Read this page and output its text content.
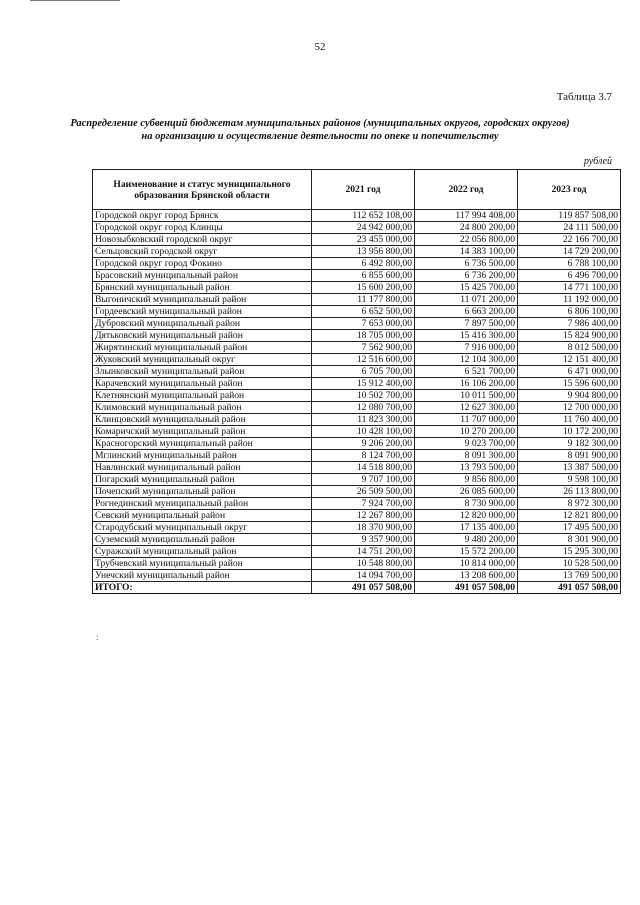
52
Таблица 3.7
Распределение субвенций бюджетам муниципальных районов (муниципальных округов, городских округов) на организацию и осуществление деятельности по опеке и попечительству
рублей
Наименование и статус муниципального образования Брянской области	2021 год	2022 год	2023 год
Городской округ город Брянск	112 652 108,00	117 994 408,00	119 857 508,00
Городской округ город Клинцы	24 942 000,00	24 800 200,00	24 111 500,00
Новозыбковский городской округ	23 455 000,00	22 056 800,00	22 166 700,00
Сельцовский городской округ	13 956 800,00	14 383 100,00	14 729 200,00
Городской округ город Фокино	6 492 800,00	6 736 500,00	6 788 100,00
Брасовский муниципальный район	6 855 600,00	6 736 200,00	6 496 700,00
Брянский муниципальный район	15 600 200,00	15 425 700,00	14 771 100,00
Выгоничский муниципальный район	11 177 800,00	11 071 200,00	11 192 000,00
Гордеевский муниципальный район	6 652 500,00	6 663 200,00	6 806 100,00
Дубровский муниципальный район	7 653 000,00	7 897 500,00	7 986 400,00
Дятьковский муниципальный район	18 705 000,00	15 416 300,00	15 824 900,00
Жирятинский муниципальный район	7 562 900,00	7 916 000,00	8 012 500,00
Жуковский муниципальный округ	12 516 600,00	12 104 300,00	12 151 400,00
Злынковский муниципальный район	6 705 700,00	6 521 700,00	6 471 000,00
Карачевский муниципальный район	15 912 400,00	16 106 200,00	15 596 600,00
Клетнянский муниципальный район	10 502 700,00	10 011 500,00	9 904 800,00
Климовский муниципальный район	12 080 700,00	12 627 300,00	12 700 000,00
Клинцовский муниципальный район	11 823 300,00	11 707 000,00	11 760 400,00
Комаричский муниципальный район	10 428 100,00	10 270 200,00	10 172 200,00
Красногорский муниципальный район	9 206 200,00	9 023 700,00	9 182 300,00
Мглинский муниципальный район	8 124 700,00	8 091 300,00	8 091 900,00
Навлинский муниципальный район	14 518 800,00	13 793 500,00	13 387 500,00
Погарский муниципальный район	9 707 100,00	9 856 800,00	9 598 100,00
Почепский муниципальный район	26 509 500,00	26 085 600,00	26 113 800,00
Рогнединский муниципальный район	7 924 700,00	8 730 900,00	8 972 300,00
Севский муниципальный район	12 267 800,00	12 820 000,00	12 821 800,00
Стародубский муниципальный округ	18 370 900,00	17 135 400,00	17 495 500,00
Суземский муниципальный район	9 357 900,00	9 480 200,00	8 301 900,00
Суражский муниципальный район	14 751 200,00	15 572 200,00	15 295 300,00
Трубчевский муниципальный район	10 548 800,00	10 814 000,00	10 528 500,00
Унечский муниципальный район	14 094 700,00	13 208 600,00	13 769 500,00
ИТОГО:	491 057 508,00	491 057 508,00	491 057 508,00
:
